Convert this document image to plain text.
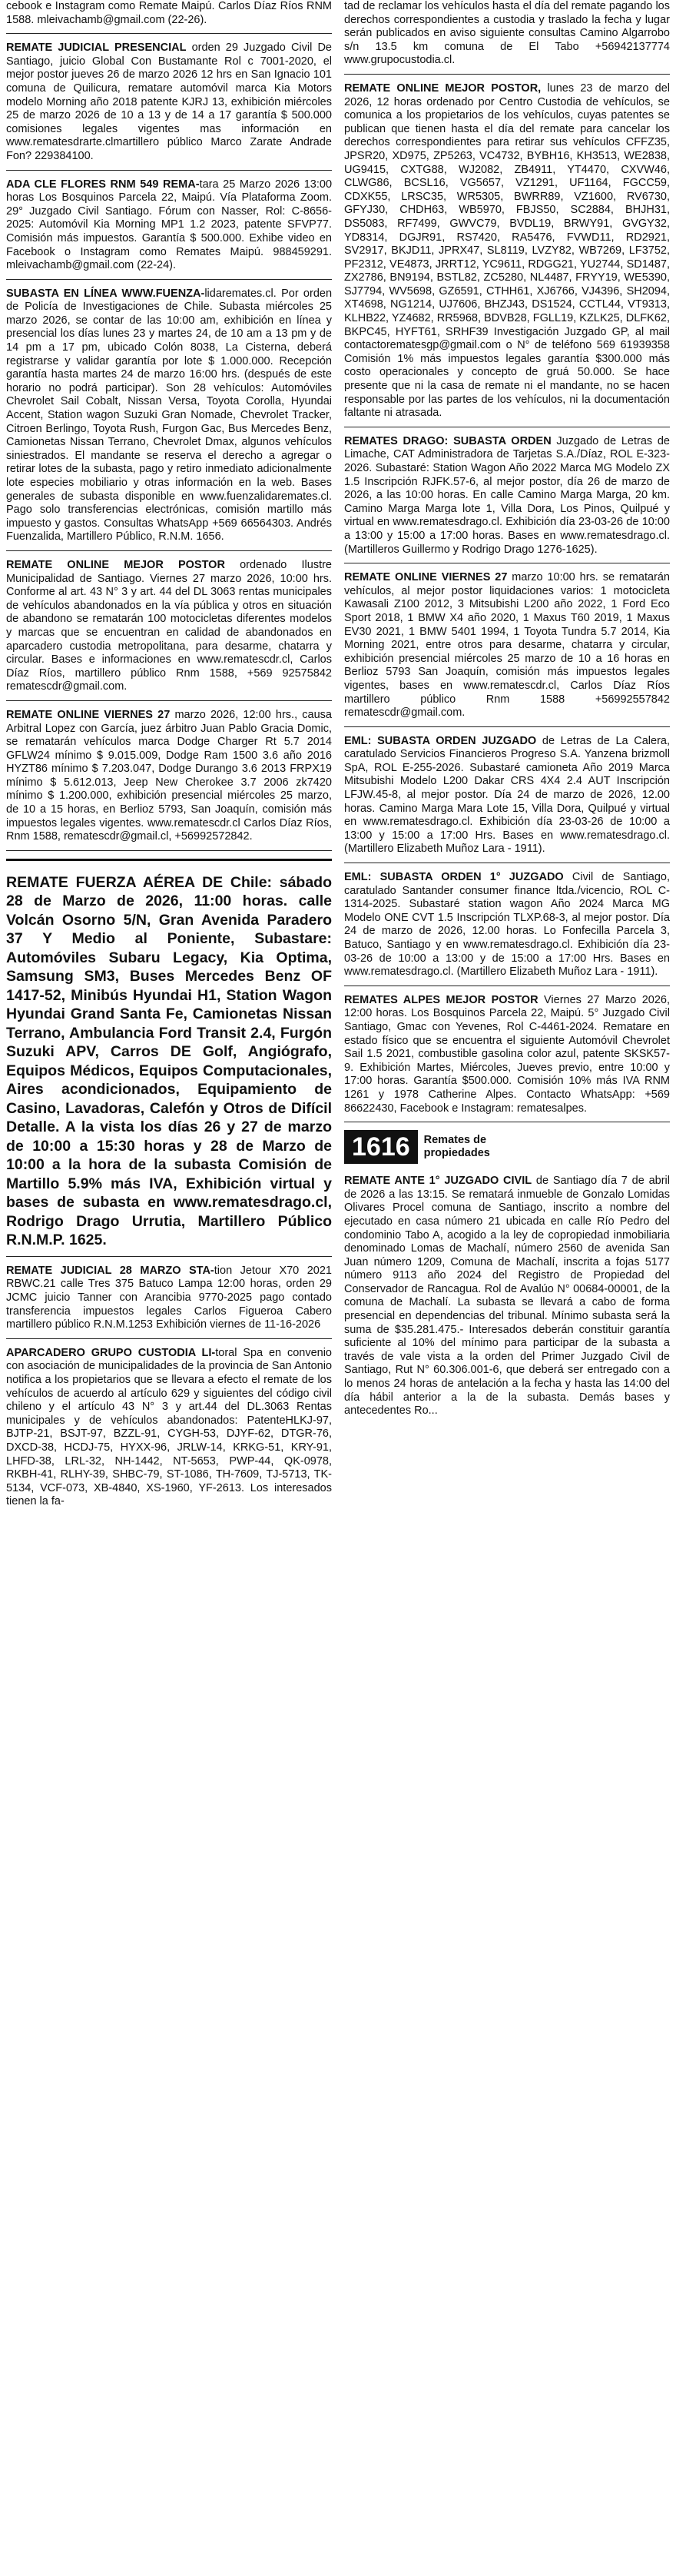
cebook e Instagram como Remate Maipú. Carlos Díaz Ríos RNM 1588. mleivachamb@gmail.com (22-26).

REMATE JUDICIAL PRESENCIAL orden 29 Juzgado Civil De Santiago, juicio Global Con Bustamante Rol c 7001-2020, el mejor postor jueves 26 de marzo 2026 12 hrs en San Ignacio 101 comuna de Quilicura, rematare automóvil marca Kia Motors modelo Morning año 2018 patente KJRJ 13, exhibición miércoles 25 de marzo 2026 de 10 a 13 y de 14 a 17 garantía $ 500.000 comisiones legales vigentes mas información en www.rematesdrarte.clmartillero público Marco Zarate Andrade Fon? 229384100.

ADA CLE FLORES RNM 549 REMA-tara 25 Marzo 2026 13:00 horas Los Bosquinos Parcela 22, Maipú. Vía Plataforma Zoom. 29° Juzgado Civil Santiago. Fórum con Nasser, Rol: C-8656-2025: Automóvil Kia Morning MP1 1.2 2023, patente SFVP77. Comisión más impuestos. Garantía $ 500.000. Exhibe video en Facebook o Instagram como Remates Maipú. 988459291. mleivachamb@gmail.com (22-24).

SUBASTA EN LÍNEA WWW.FUENZA-lidaremates.cl. Por orden de Policía de Investigaciones de Chile. Subasta miércoles 25 marzo 2026, se contar de las 10:00 am, exhibición en línea y presencial los días lunes 23 y martes 24, de 10 am a 13 pm y de 14 pm a 17 pm, ubicado Colón 8038, La Cisterna, deberá registrarse y validar garantía por lote $ 1.000.000. Recepción garantía hasta martes 24 de marzo 16:00 hrs. (después de este horario no podrá participar). Son 28 vehículos: Automóviles Chevrolet Sail Cobalt, Nissan Versa, Toyota Corolla, Hyundai Accent, Station wagon Suzuki Gran Nomade, Chevrolet Tracker, Citroen Berlingo, Toyota Rush, Furgon Gac, Bus Mercedes Benz, Camionetas Nissan Terrano, Chevrolet Dmax, algunos vehículos siniestrados. El mandante se reserva el derecho a agregar o retirar lotes de la subasta, pago y retiro inmediato adicionalmente lote especies mobiliario y otras información en la web. Bases generales de subasta disponible en www.fuenzalidaremates.cl. Pago solo transferencias electrónicas, comisión martillo más impuesto y gastos. Consultas WhatsApp +569 66564303. Andrés Fuenzalida, Martillero Público, R.N.M. 1656.

REMATE ONLINE MEJOR POSTOR ordenado Ilustre Municipalidad de Santiago. Viernes 27 marzo 2026, 10:00 hrs. Conforme al art. 43 N° 3 y art. 44 del DL 3063 rentas municipales de vehículos abandonados en la vía pública y otros en situación de abandono se rematarán 100 motocicletas diferentes modelos y marcas que se encuentran en calidad de abandonados en aparcadero custodia metropolitana, para desarme, chatarra y circular. Bases e informaciones en www.rematescdr.cl, Carlos Díaz Ríos, martillero público Rnm 1588, +569 92575842 rematescdr@gmail.com.

REMATE ONLINE VIERNES 27 marzo 2026, 12:00 hrs., causa Arbitral Lopez con García, juez árbitro Juan Pablo Gracia Domic, se rematarán vehículos marca Dodge Charger Rt 5.7 2014 GFLW24 mínimo $ 9.015.009, Dodge Ram 1500 3.6 año 2016 HYZT86 mínimo $ 7.203.047, Dodge Durango 3.6 2013 FRPX19 mínimo $ 5.612.013, Jeep New Cherokee 3.7 2006 zk7420 mínimo $ 1.200.000, exhibición presencial miércoles 25 marzo, de 10 a 15 horas, en Berlioz 5793, San Joaquín, comisión más impuestos legales vigentes. www.rematescdr.cl Carlos Díaz Ríos, Rnm 1588, rematescdr@gmail.cl, +56992572842.

REMATE FUERZA AÉREA DE Chile: sábado 28 de Marzo de 2026, 11:00 horas. calle Volcán Osorno 5/N, Gran Avenida Paradero 37 Y Medio al Poniente, Subastare: Automóviles Subaru Legacy, Kia Optima, Samsung SM3, Buses Mercedes Benz OF 1417-52, Minibús Hyundai H1, Station Wagon Hyundai Grand Santa Fe, Camionetas Nissan Terrano, Ambulancia Ford Transit 2.4, Furgón Suzuki APV, Carros DE Golf, Angiógrafo, Equipos Médicos, Equipos Computacionales, Aires acondicionados, Equipamiento de Casino, Lavadoras, Calefón y Otros de Difícil Detalle. A la vista los días 26 y 27 de marzo de 10:00 a 15:30 horas y 28 de Marzo de 10:00 a la hora de la subasta Comisión de Martillo 5.9% más IVA, Exhibición virtual y bases de subasta en www.rematesdrago.cl, Rodrigo Drago Urrutia, Martillero Público R.N.M.P. 1625.

REMATE JUDICIAL 28 MARZO STA-tion Jetour X70 2021 RBWC.21 calle Tres 375 Batuco Lampa 12:00 horas, orden 29 JCMC juicio Tanner con Arancibia 9770-2025 pago contado transferencia impuestos legales Carlos Figueroa Cabero martillero público R.N.M.1253 Exhibición viernes de 11-16-2026

APARCADERO GRUPO CUSTODIA LI-toral Spa en convenio con asociación de municipalidades de la provincia de San Antonio notifica a los propietarios que se llevara a efecto el remate de los vehículos de acuerdo al artículo 629 y siguientes del código civil chileno y el artículo 43 N° 3 y art.44 del DL.3063 Rentas municipales y de vehículos abandonados: PatenteHLKJ-97, BJTP-21, BSJT-97, BZZL-91, CYGH-53, DJYF-62, DTGR-76, DXCD-38, HCDJ-75, HYXX-96, JRLW-14, KRKG-51, KRY-91, LHFD-38, LRL-32, NH-1442, NT-5653, PWP-44, QK-0978, RKBH-41, RLHY-39, SHBC-79, ST-1086, TH-7609, TJ-5713, TK-5134, VCF-073, XB-4840, XS-1960, YF-2613. Los interesados tienen la fa-

tad de reclamar los vehículos hasta el día del remate pagando los derechos correspondientes a custodia y traslado la fecha y lugar serán publicados en aviso siguiente consultas Camino Algarrobo s/n 13.5 km comuna de El Tabo +56942137774 www.grupocustodia.cl.

REMATE ONLINE MEJOR POSTOR, lunes 23 de marzo del 2026, 12 horas ordenado por Centro Custodia de vehículos, se comunica a los propietarios de los vehículos, cuyas patentes se publican que tienen hasta el día del remate para cancelar los derechos correspondientes para retirar sus vehículos CFFZ35, JPSR20, XD975, ZP5263, VC4732, BYBH16, KH3513, WE2838, UG9415, CXTG88, WJ2082, ZB4911, YT4470, CXVW46, CLWG86, BCSL16, VG5657, VZ1291, UF1164, FGCC59, CDXK55, LRSC35, WR5305, BWRR89, VZ1600, RV6730, GFYJ30, CHDH63, WB5970, FBJS50, SC2884, BHJH31, DS5083, RF7499, GWVC79, BVDL19, BRWY91, GVGY32, YD8314, DGJR91, RS7420, RA5476, FVWD11, RD2921, SV2917, BKJD11, JPRX47, SL8119, LVZY82, WB7269, LF3752, PF2312, VE4873, JRRT12, YC9611, RDGG21, YU2744, SD1487, ZX2786, BN9194, BSTL82, ZC5280, NL4487, FRYY19, WE5390, SJ7794, WV5698, GZ6591, CTHH61, XJ6766, VJ4396, SH2094, XT4698, NG1214, UJ7606, BHZJ43, DS1524, CCTL44, VT9313, KLHB22, YZ4682, RR5968, BDVB28, FGLL19, KZLK25, DLFK62, BKPC45, HYFT61, SRHF39 Investigación Juzgado GP, al mail contactorematesgp@gmail.com o N° de teléfono 569 61939358 Comisión 1% más impuestos legales garantía $300.000 más costo operacionales y concepto de gruá 50.000. Se hace presente que ni la casa de remate ni el mandante, no se hacen responsable por las partes de los vehículos, ni la documentación faltante ni atrasada.

REMATES DRAGO: SUBASTA ORDEN Juzgado de Letras de Limache, CAT Administradora de Tarjetas S.A./Díaz, ROL E-323-2026. Subastaré: Station Wagon Año 2022 Marca MG Modelo ZX 1.5 Inscripción RJFK.57-6, al mejor postor, día 26 de marzo de 2026, a las 10:00 horas. En calle Camino Marga Marga, 20 km. Camino Marga Marga lote 1, Villa Dora, Los Pinos, Quilpué y virtual en www.rematesdrago.cl. Exhibición día 23-03-26 de 10:00 a 13:00 y 15:00 a 17:00 horas. Bases en www.rematesdrago.cl. (Martilleros Guillermo y Rodrigo Drago 1276-1625).

REMATE ONLINE VIERNES 27 marzo 10:00 hrs. se rematarán vehículos, al mejor postor liquidaciones varios: 1 motocicleta Kawasali Z100 2012, 3 Mitsubishi L200 año 2022, 1 Ford Eco Sport 2018, 1 BMW X4 año 2020, 1 Maxus T60 2019, 1 Maxus EV30 2021, 1 BMW 5401 1994, 1 Toyota Tundra 5.7 2014, Kia Morning 2021, entre otros para desarme, chatarra y circular, exhibición presencial miércoles 25 marzo de 10 a 16 horas en Berlioz 5793 San Joaquín, comisión más impuestos legales vigentes, bases en www.rematescdr.cl, Carlos Díaz Ríos martillero público Rnm 1588 +56992557842 rematescdr@gmail.com.

EML: SUBASTA ORDEN JUZGADO de Letras de La Calera, caratulado Servicios Financieros Progreso S.A. Yanzena brizmoll SpA, ROL E-255-2026. Subastaré camioneta Año 2019 Marca Mitsubishi Modelo L200 Dakar CRS 4X4 2.4 AUT Inscripción LFJW.45-8, al mejor postor. Día 24 de marzo de 2026, 12.00 horas. Camino Marga Mara Lote 15, Villa Dora, Quilpué y virtual en www.rematesdrago.cl. Exhibición día 23-03-26 de 10:00 a 13:00 y 15:00 a 17:00 Hrs. Bases en www.rematesdrago.cl. (Martillero Elizabeth Muñoz Lara - 1911).

EML: SUBASTA ORDEN 1° JUZGADO Civil de Santiago, caratulado Santander consumer finance ltda./vicencio, ROL C-1314-2025. Subastaré station wagon Año 2024 Marca MG Modelo ONE CVT 1.5 Inscripción TLXP.68-3, al mejor postor. Día 24 de marzo de 2026, 12.00 horas. Lo Fonfecilla Parcela 3, Batuco, Santiago y en www.rematesdrago.cl. Exhibición día 23-03-26 de 10:00 a 13:00 y de 15:00 a 17:00 Hrs. Bases en www.rematesdrago.cl. (Martillero Elizabeth Muñoz Lara - 1911).

REMATES ALPES MEJOR POSTOR Viernes 27 Marzo 2026, 12:00 horas. Los Bosquinos Parcela 22, Maipú. 5° Juzgado Civil Santiago, Gmac con Yevenes, Rol C-4461-2024. Rematare en estado físico que se encuentra el siguiente Automóvil Chevrolet Sail 1.5 2021, combustible gasolina color azul, patente SKSK57-9. Exhibición Martes, Miércoles, Jueves previo, entre 10:00 y 17:00 horas. Garantía $500.000. Comisión 10% más IVA RNM 1261 y 1978 Catherine Alpes. Contacto WhatsApp: +569 86622430, Facebook e Instagram: rematesalpes.

1616	Remates de
propiedades

REMATE ANTE 1° JUZGADO CIVIL de Santiago día 7 de abril de 2026 a las 13:15. Se rematará inmueble de Gonzalo Lomidas Olivares Procel comuna de Santiago, inscrito a nombre del ejecutado en casa número 21 ubicada en calle Río Pedro del condominio Tabo A, acogido a la ley de copropiedad inmobiliaria denominado Lomas de Machalí, número 2560 de avenida San Juan número 1209, Comuna de Machalí, inscrita a fojas 5177 número 9113 año 2024 del Registro de Propiedad del Conservador de Rancagua. Rol de Avalúo N° 00684-00001, de la comuna de Machalí. La subasta se llevará a cabo de forma presencial en dependencias del tribunal. Mínimo subasta será la suma de $35.281.475.- Interesados deberán constituir garantía suficiente al 10% del mínimo para participar de la subasta a través de vale vista a la orden del Primer Juzgado Civil de Santiago, Rut N° 60.306.001-6, que deberá ser entregado con a lo menos 24 horas de antelación a la fecha y hasta las 14:00 del día hábil anterior a la de la subasta. Demás bases y antecedentes Ro...
